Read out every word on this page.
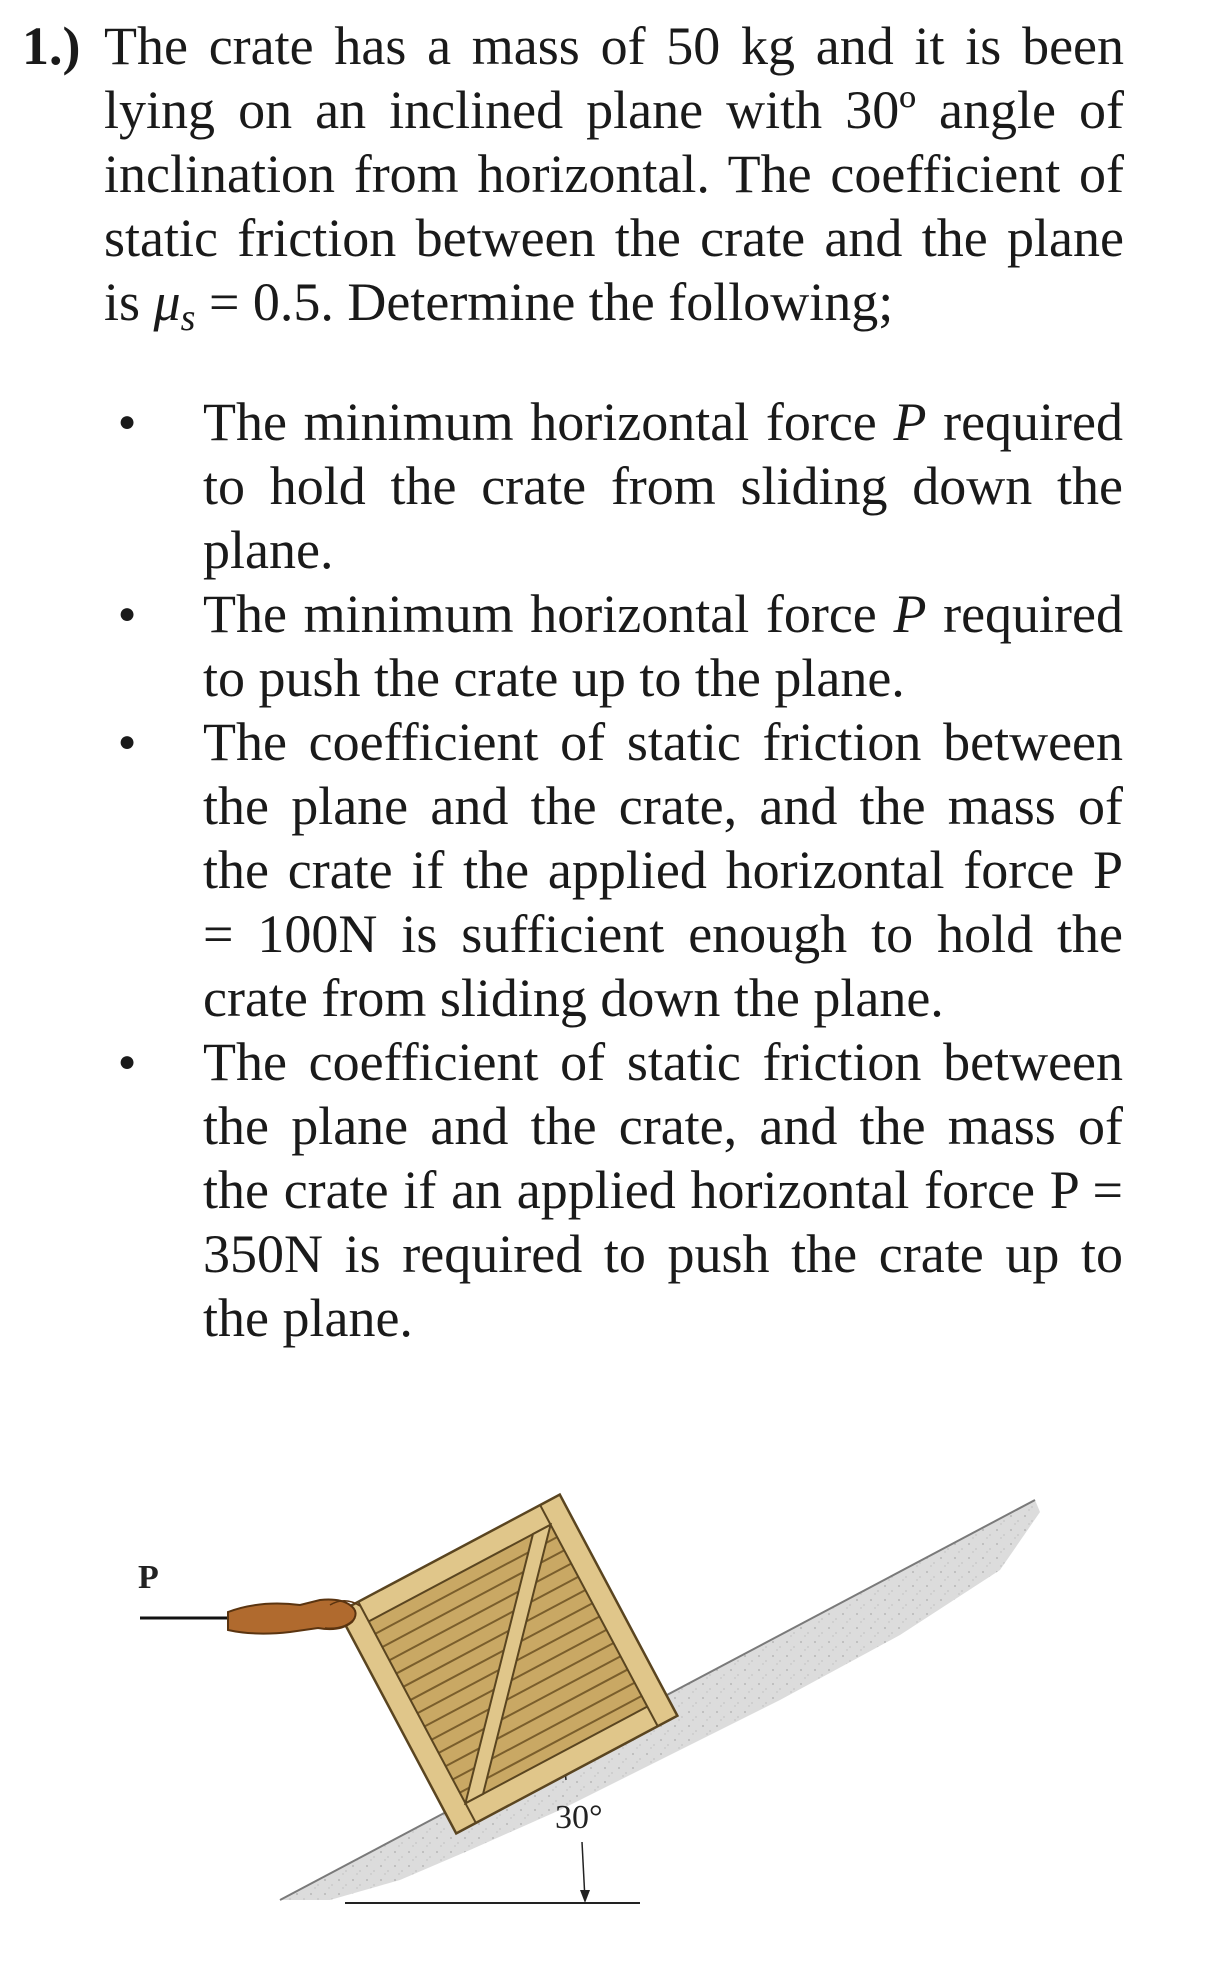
1.) The crate has a mass of 50 kg and it is been lying on an inclined plane with 30º angle of inclination from horizontal. The coefficient of static friction between the crate and the plane is $\mu_s = 0.5$. Determine the following;
● The minimum horizontal force P required to hold the crate from sliding down the plane.
● The minimum horizontal force P required to push the crate up to the plane.
● The coefficient of static friction between the plane and the crate, and the mass of the crate if the applied horizontal force P = 100N is sufficient enough to hold the crate from sliding down the plane.
● The coefficient of static friction between the plane and the crate, and the mass of the crate if an applied horizontal force P = 350N is required to push the crate up to the plane.
30°
P
